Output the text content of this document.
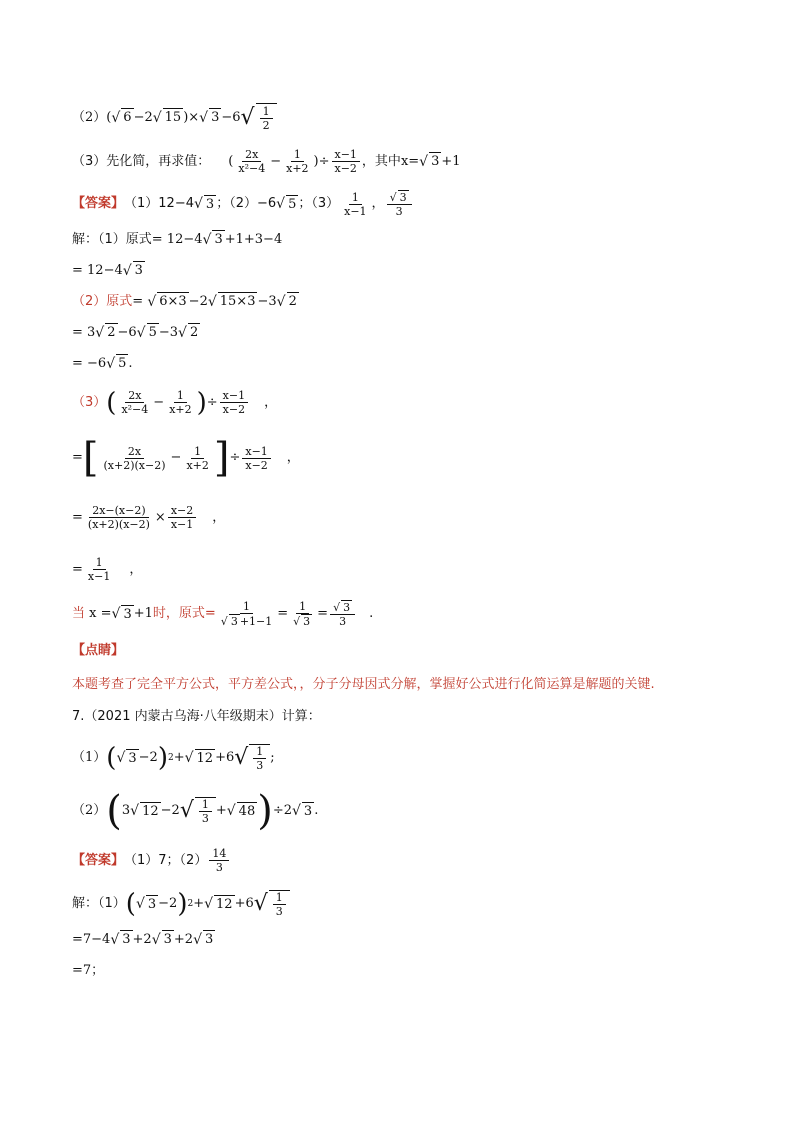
（2） ( √ 6 −2 √ 15 )× √ 3 −6 √ $\frac{1}{2}$
（3）先化简，再求值： ( $\frac{2x}{\text{x²−4}} - \frac{1}{x+2}$ )÷ $\frac{x-1}{x-2}$ ，其中 x= √ 3 +1
【答案】 （1）12−4 √ 3 ；（2）−6 √ 5 ；$(3) \frac{1}{x-1}$ ， $\frac{√ 3}{3}$
解：（1）原式 = 12−4 √ 3 +1+3−4
= 12−4 √ 3
（2）原式 = √ 6×3 −2 √ 15×3 −3 √ 2
= 3 √ 2 −6 √ 5 −3 √ 2
= −6 √ 5 .
（3） ( $\frac{2x}{\text{x²−4}} - \frac{1}{x+2}$ ) ÷ $\frac{x-1}{x-2}$ ，
= [ $\frac{2x}{(x+2)(x-2)} - \frac{1}{x+2}$ ] ÷ $\frac{x-1}{x-2}$ ，
= $\frac{2x-(x-2)}{(x+2)(x-2)} \times \frac{x-2}{x-1}$ ，
= $\frac{1}{x-1}$ ，
当 x = √ 3 +1 时，原式= $\frac{1}{√ 3 +1-1} = \frac{1}{√ 3} = \frac{√ 3}{3}$ .
【点睛】
本题考查了完全平方公式，平方差公式，，分子分母因式分解，掌握好公式进行化简运算是解题的关键.
7.（2021 内蒙古乌海·八年级期末）计算：
（1） ( √ 3 −2 ) 2 + √ 12 +6 √ $\frac{1}{3}$ ;
（2） ( 3 √ 12 −2 √ $\frac{1}{3}$ + √ 48 ) ÷2 √ 3 .
【答案】 （1）7；$(2) \frac{14}{3}$
解：（1） ( √ 3 −2 ) 2 + √ 12 +6 √ $\frac{1}{3}$
=7−4 √ 3 +2 √ 3 +2 √ 3
=7；
